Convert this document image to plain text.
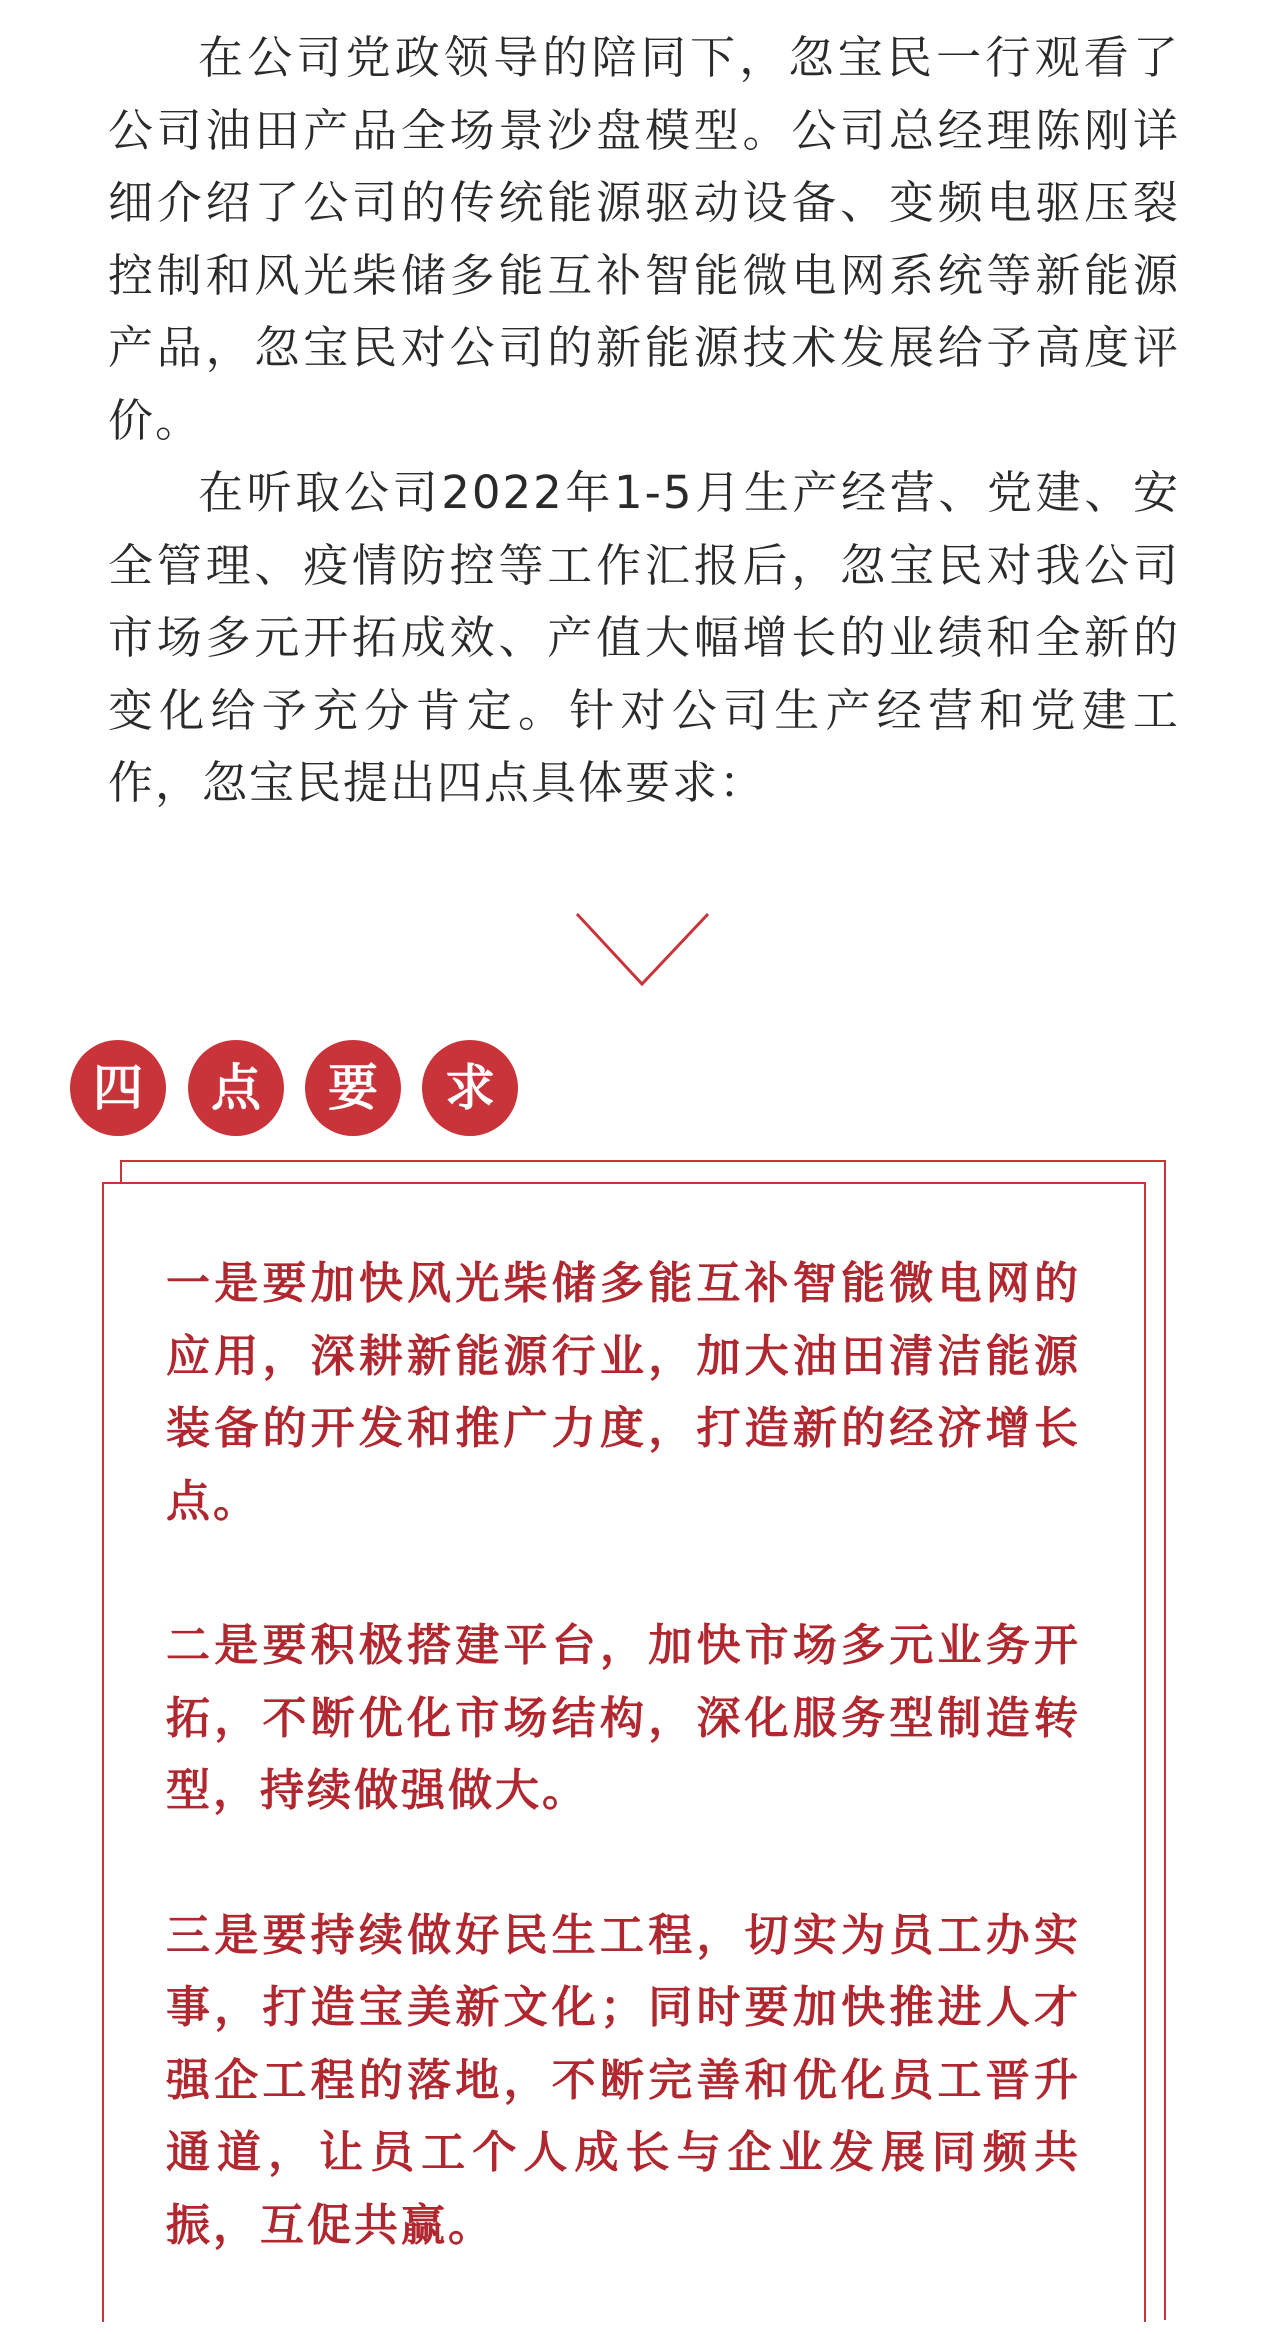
在公司党政领导的陪同下，忽宝民一行观看了公司油田产品全场景沙盘模型。公司总经理陈刚详细介绍了公司的传统能源驱动设备、变频电驱压裂控制和风光柴储多能互补智能微电网系统等新能源产品，忽宝民对公司的新能源技术发展给予高度评价。

在听取公司2022年1-5月生产经营、党建、安全管理、疫情防控等工作汇报后，忽宝民对我公司市场多元开拓成效、产值大幅增长的业绩和全新的变化给予充分肯定。针对公司生产经营和党建工作，忽宝民提出四点具体要求：

四	点	要	求

一是要加快风光柴储多能互补智能微电网的应用，深耕新能源行业，加大油田清洁能源装备的开发和推广力度，打造新的经济增长点。

二是要积极搭建平台，加快市场多元业务开拓，不断优化市场结构，深化服务型制造转型，持续做强做大。

三是要持续做好民生工程，切实为员工办实事，打造宝美新文化；同时要加快推进人才强企工程的落地，不断完善和优化员工晋升通道，让员工个人成长与企业发展同频共振，互促共赢。
